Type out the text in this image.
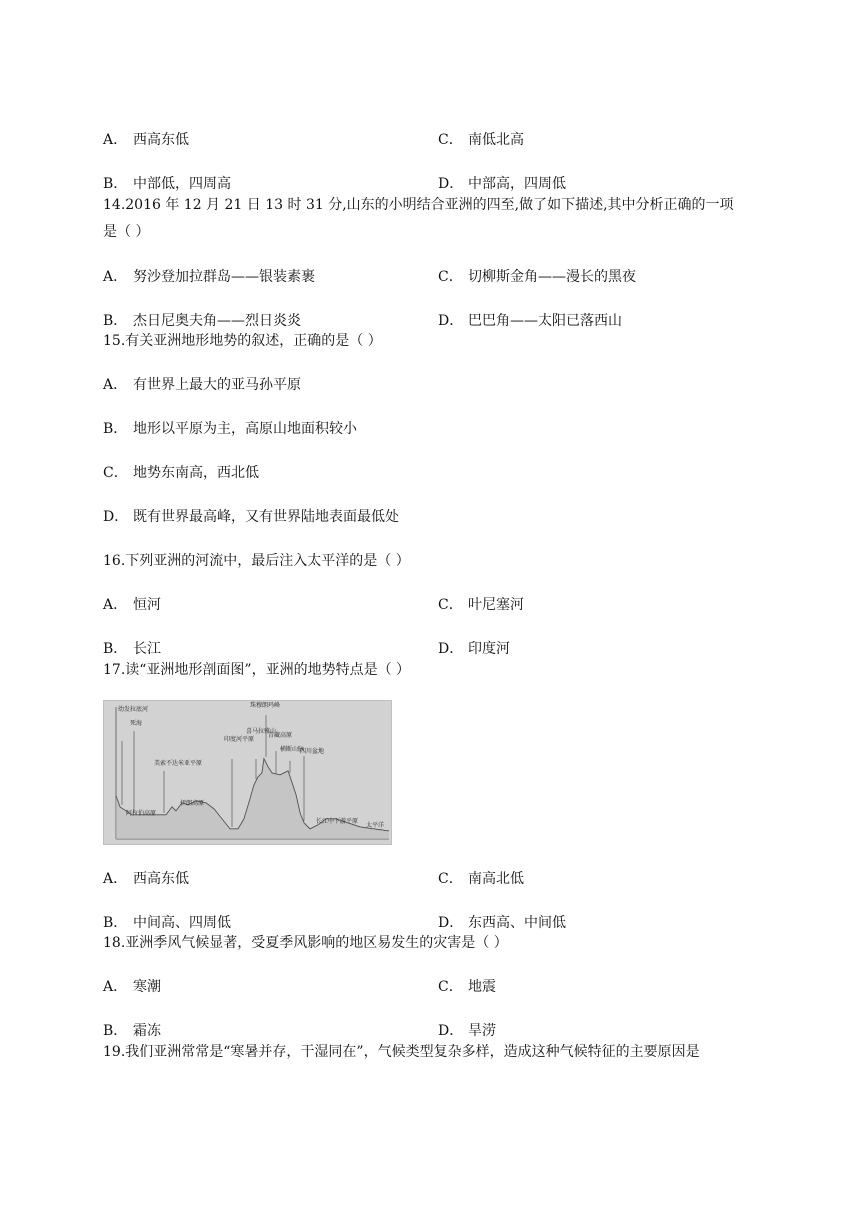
A． 西高东低	C． 南低北高
B． 中部低，四周高	D． 中部高，四周低
14.2016 年 12 月 21 日 13 时 31 分,山东的小明结合亚洲的四至,做了如下描述,其中分析正确的一项
是（ ）
A． 努沙登加拉群岛——银装素裹	C． 切柳斯金角——漫长的黑夜
B． 杰日尼奥夫角——烈日炎炎	D． 巴巴角——太阳已落西山
15.有关亚洲地形地势的叙述，正确的是（ ）
A． 有世界上最大的亚马孙平原
B． 地形以平原为主，高原山地面积较小
C． 地势东南高，西北低
D． 既有世界最高峰，又有世界陆地表面最低处
16.下列亚洲的河流中，最后注入太平洋的是（ ）
A． 恒河	C． 叶尼塞河
B． 长江	D． 印度河
17.读“亚洲地形剖面图”，亚洲的地势特点是（ ）
幼发拉底河
死海
阿拉伯高原
美索不达米亚平原
伊朗高原
印度河平原
喜马拉雅山
珠穆朗玛峰
青藏高原
横断山脉
四川盆地
长江中下游平原
太平洋
A． 西高东低	C． 南高北低
B． 中间高、四周低	D． 东西高、中间低
18.亚洲季风气候显著，受夏季风影响的地区易发生的灾害是（ ）
A． 寒潮	C． 地震
B． 霜冻	D． 旱涝
19.我们亚洲常常是“寒暑并存，干湿同在”，气候类型复杂多样，造成这种气候特征的主要原因是
